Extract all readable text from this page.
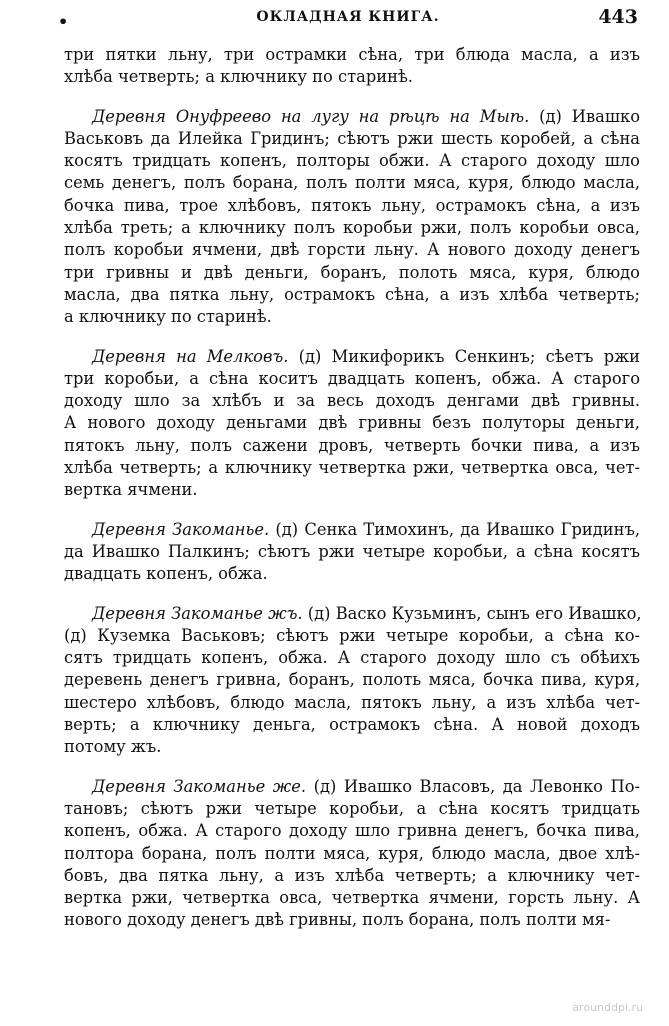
•	ОКЛАДНАЯ КНИГА.	443
три пятки льну, три острамки сѣна, три блюда масла, а изъ
хлѣба четверть; а ключнику по старинѣ.
Деревня Онуфреево на лугу на рѣцѣ на Мыѣ. (д) Ивашко
Васьковъ да Илейка Гридинъ; сѣютъ ржи шесть коробей, а сѣна
косятъ тридцать копенъ, полторы обжи. А старого доходу шло
семь денегъ, полъ борана, полъ полти мяса, куря, блюдо масла,
бочка пива, трое хлѣбовъ, пятокъ льну, острамокъ сѣна, а изъ
хлѣба треть; а ключнику полъ коробьи ржи, полъ коробьи овса,
полъ коробьи ячмени, двѣ горсти льну. А нового доходу денегъ
три гривны и двѣ деньги, боранъ, полоть мяса, куря, блюдо
масла, два пятка льну, острамокъ сѣна, а изъ хлѣба четверть;
а ключнику по старинѣ.
Деревня на Мелковъ. (д) Микифорикъ Сенкинъ; сѣетъ ржи
три коробьи, а сѣна коситъ двадцать копенъ, обжа. А старого
доходу шло за хлѣбъ и за весь доходъ денгами двѣ гривны.
А нового доходу деньгами двѣ гривны безъ полуторы деньги,
пятокъ льну, полъ сажени дровъ, четверть бочки пива, а изъ
хлѣба четверть; а ключнику четвертка ржи, четвертка овса, чет-
вертка ячмени.
Деревня Закоманье. (д) Сенка Тимохинъ, да Ивашко Гридинъ,
да Ивашко Палкинъ; сѣютъ ржи четыре коробьи, а сѣна косятъ
двадцать копенъ, обжа.
Деревня Закоманье жъ. (д) Васко Кузьминъ, сынъ его Ивашко,
(д) Куземка Васьковъ; сѣютъ ржи четыре коробьи, а сѣна ко-
сятъ тридцать копенъ, обжа. А старого доходу шло съ обѣихъ
деревень денегъ гривна, боранъ, полоть мяса, бочка пива, куря,
шестеро хлѣбовъ, блюдо масла, пятокъ льну, а изъ хлѣба чет-
верть; а ключнику деньга, острамокъ сѣна. А новой доходъ
потому жъ.
Деревня Закоманье же. (д) Ивашко Власовъ, да Левонко По-
тановъ; сѣютъ ржи четыре коробьи, а сѣна косятъ тридцать
копенъ, обжа. А старого доходу шло гривна денегъ, бочка пива,
полтора борана, полъ полти мяса, куря, блюдо масла, двое хлѣ-
бовъ, два пятка льну, а изъ хлѣба четверть; а ключнику чет-
вертка ржи, четвертка овса, четвертка ячмени, горсть льну. А
нового доходу денегъ двѣ гривны, полъ борана, полъ полти мя-
arounddpi.ru
